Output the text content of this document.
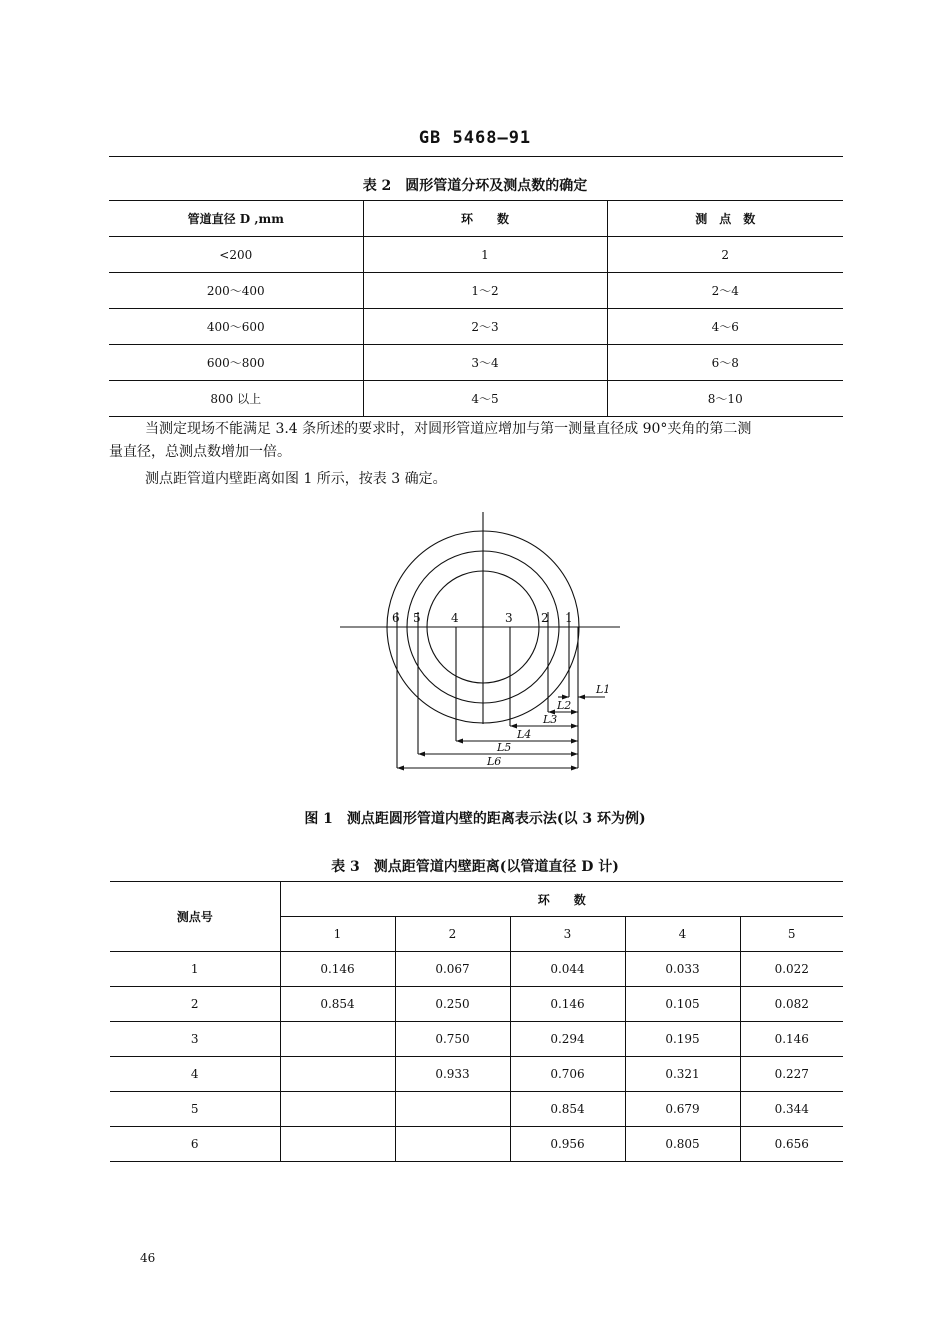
GB 5468—91
表 2　圆形管道分环及测点数的确定
管道直径 D ,mm	环　　数	测　点　数
<200	1	2
200～400	1～2	2～4
400～600	2～3	4～6
600～800	3～4	6～8
800 以上	4～5	8～10
当测定现场不能满足 3.4 条所述的要求时，对圆形管道应增加与第一测量直径成 90°夹角的第二测
量直径，总测点数增加一倍。
测点距管道内壁距离如图 1 所示，按表 3 确定。
6 5	4	3 2 1
L1
L2
L3
L4
L5
L6
图 1　测点距圆形管道内壁的距离表示法(以 3 环为例)
表 3　测点距管道内壁距离(以管道直径 D 计)
测点号	环　　数				
	1	2	3	4	5
1	0.146	0.067	0.044	0.033	0.022
2	0.854	0.250	0.146	0.105	0.082
3		0.750	0.294	0.195	0.146
4		0.933	0.706	0.321	0.227
5			0.854	0.679	0.344
6			0.956	0.805	0.656
46
